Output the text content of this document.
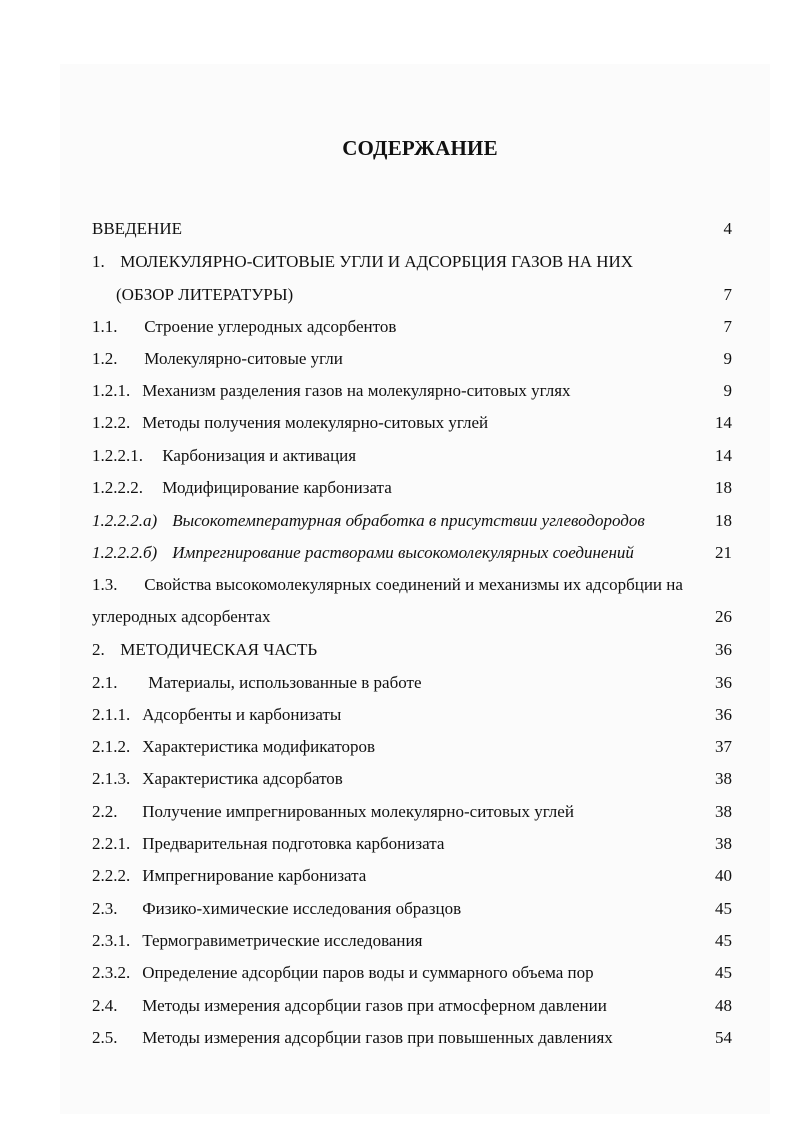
СОДЕРЖАНИЕ
ВВЕДЕНИЕ	4
1. МОЛЕКУЛЯРНО-СИТОВЫЕ УГЛИ И АДСОРБЦИЯ ГАЗОВ НА НИХ
(ОБЗОР ЛИТЕРАТУРЫ)	7
1.1. Строение углеродных адсорбентов	7
1.2. Молекулярно-ситовые угли	9
1.2.1. Механизм разделения газов на молекулярно-ситовых углях	9
1.2.2. Методы получения молекулярно-ситовых углей	14
1.2.2.1. Карбонизация и активация	14
1.2.2.2. Модифицирование карбонизата	18
1.2.2.2.а) Высокотемпературная обработка в присутствии углеводородов	18
1.2.2.2.б) Импрегнирование растворами высокомолекулярных соединений	21
1.3. Свойства высокомолекулярных соединений и механизмы их адсорбции на
углеродных адсорбентах	26
2. МЕТОДИЧЕСКАЯ ЧАСТЬ	36
2.1. Материалы, использованные в работе	36
2.1.1. Адсорбенты и карбонизаты	36
2.1.2. Характеристика модификаторов	37
2.1.3. Характеристика адсорбатов	38
2.2. Получение импрегнированных молекулярно-ситовых углей	38
2.2.1. Предварительная подготовка карбонизата	38
2.2.2. Импрегнирование карбонизата	40
2.3. Физико-химические исследования образцов	45
2.3.1. Термогравиметрические исследования	45
2.3.2. Определение адсорбции паров воды и суммарного объема пор	45
2.4. Методы измерения адсорбции газов при атмосферном давлении	48
2.5. Методы измерения адсорбции газов при повышенных давлениях	54
